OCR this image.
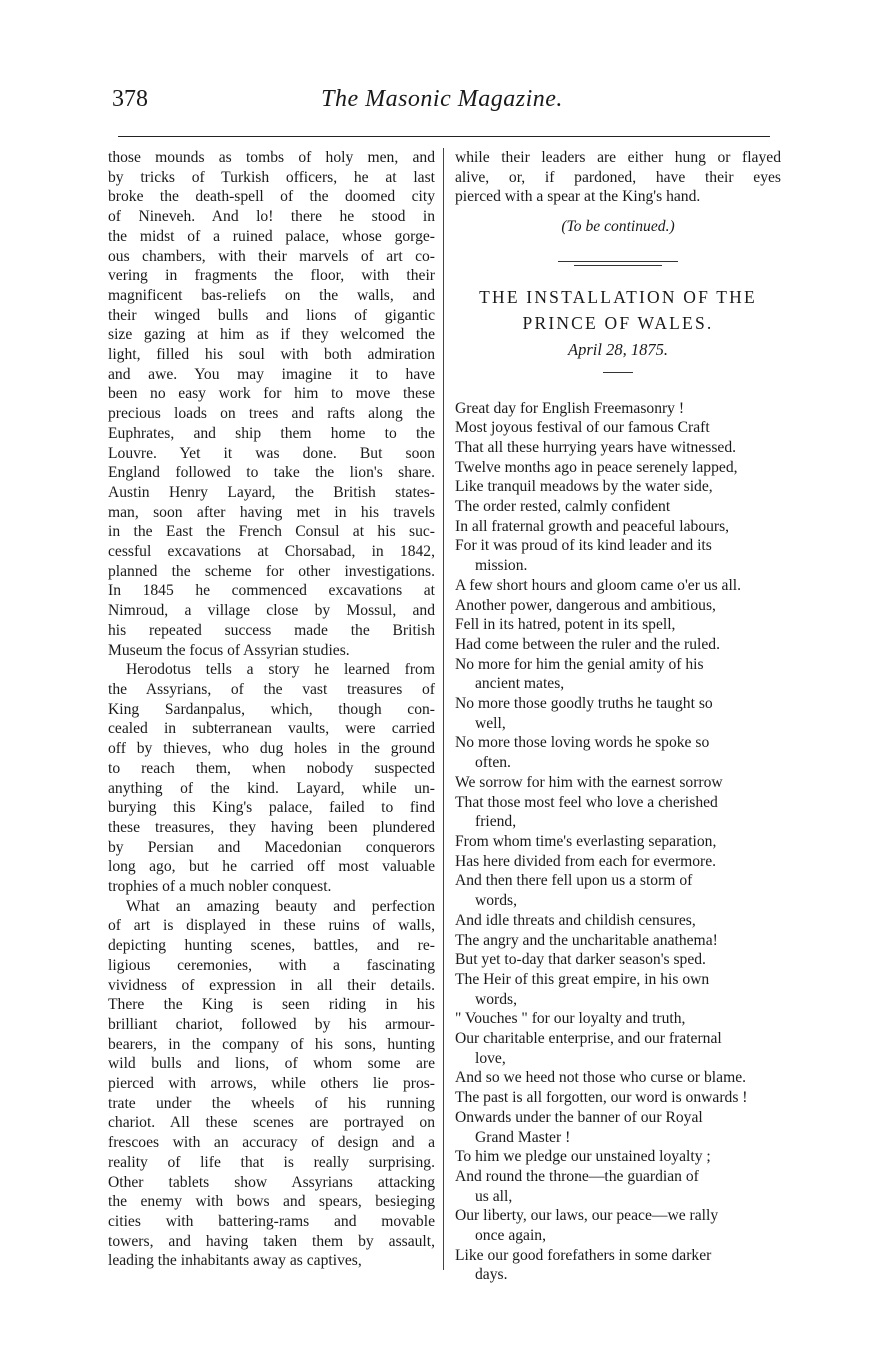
378	The Masonic Magazine.

those mounds as tombs of holy men, and
by tricks of Turkish officers, he at last
broke the death-spell of the doomed city
of Nineveh. And lo! there he stood in
the midst of a ruined palace, whose gorge-
ous chambers, with their marvels of art co-
vering in fragments the floor, with their
magnificent bas-reliefs on the walls, and
their winged bulls and lions of gigantic
size gazing at him as if they welcomed the
light, filled his soul with both admiration
and awe. You may imagine it to have
been no easy work for him to move these
precious loads on trees and rafts along the
Euphrates, and ship them home to the
Louvre. Yet it was done. But soon
England followed to take the lion's share.
Austin Henry Layard, the British states-
man, soon after having met in his travels
in the East the French Consul at his suc-
cessful excavations at Chorsabad, in 1842,
planned the scheme for other investigations.
In 1845 he commenced excavations at
Nimroud, a village close by Mossul, and
his repeated success made the British
Museum the focus of Assyrian studies.

Herodotus tells a story he learned from
the Assyrians, of the vast treasures of
King Sardanpalus, which, though con-
cealed in subterranean vaults, were carried
off by thieves, who dug holes in the ground
to reach them, when nobody suspected
anything of the kind. Layard, while un-
burying this King's palace, failed to find
these treasures, they having been plundered
by Persian and Macedonian conquerors
long ago, but he carried off most valuable
trophies of a much nobler conquest.

What an amazing beauty and perfection
of art is displayed in these ruins of walls,
depicting hunting scenes, battles, and re-
ligious ceremonies, with a fascinating
vividness of expression in all their details.
There the King is seen riding in his
brilliant chariot, followed by his armour-
bearers, in the company of his sons, hunting
wild bulls and lions, of whom some are
pierced with arrows, while others lie pros-
trate under the wheels of his running
chariot. All these scenes are portrayed on
frescoes with an accuracy of design and a
reality of life that is really surprising.
Other tablets show Assyrians attacking
the enemy with bows and spears, besieging
cities with battering-rams and movable
towers, and having taken them by assault,
leading the inhabitants away as captives,

while their leaders are either hung or flayed
alive, or, if pardoned, have their eyes
pierced with a spear at the King's hand.

(To be continued.)

THE INSTALLATION OF THE
PRINCE OF WALES.
April 28, 1875.
Great day for English Freemasonry !
Most joyous festival of our famous Craft
That all these hurrying years have witnessed.
Twelve months ago in peace serenely lapped,
Like tranquil meadows by the water side,
The order rested, calmly confident
In all fraternal growth and peaceful labours,
For it was proud of its kind leader and its
mission.
A few short hours and gloom came o'er us all.
Another power, dangerous and ambitious,
Fell in its hatred, potent in its spell,
Had come between the ruler and the ruled.
No more for him the genial amity of his
ancient mates,
No more those goodly truths he taught so
well,
No more those loving words he spoke so
often.
We sorrow for him with the earnest sorrow
That those most feel who love a cherished
friend,
From whom time's everlasting separation,
Has here divided from each for evermore.
And then there fell upon us a storm of
words,
And idle threats and childish censures,
The angry and the uncharitable anathema!
But yet to-day that darker season's sped.
The Heir of this great empire, in his own
words,
" Vouches " for our loyalty and truth,
Our charitable enterprise, and our fraternal
love,
And so we heed not those who curse or blame.
The past is all forgotten, our word is onwards !
Onwards under the banner of our Royal
Grand Master !
To him we pledge our unstained loyalty ;
And round the throne—the guardian of
us all,
Our liberty, our laws, our peace—we rally
once again,
Like our good forefathers in some darker
days.
